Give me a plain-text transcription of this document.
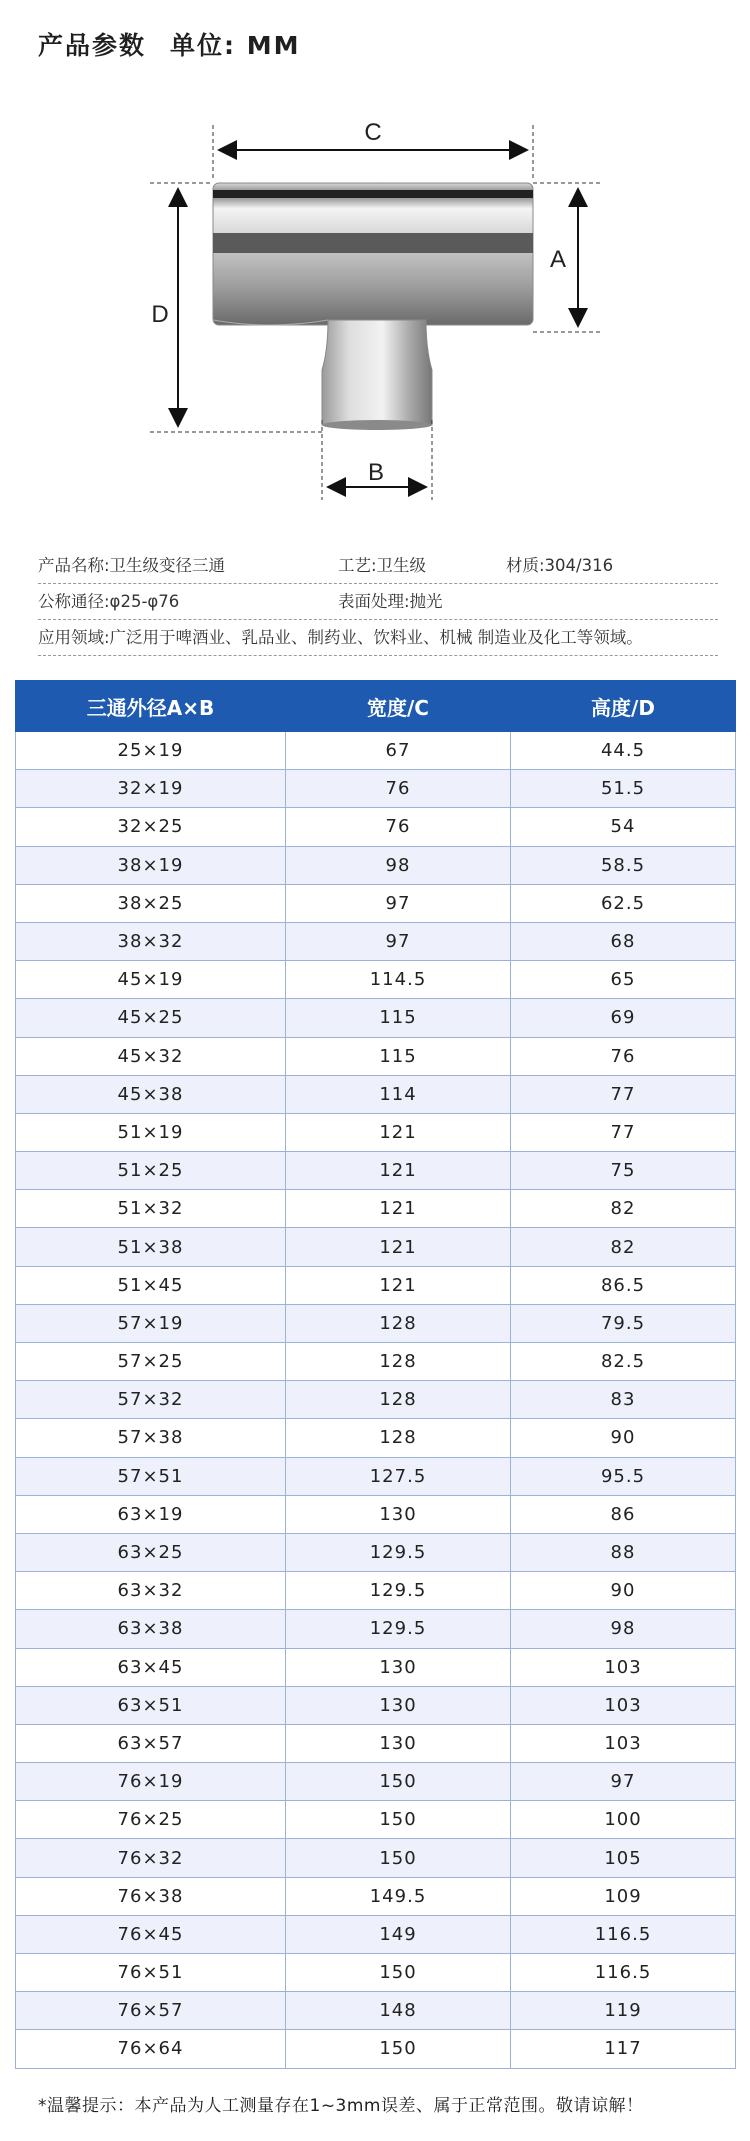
产品参数 单位: MM
C
D
A
B
产品名称:卫生级变径三通	工艺:卫生级	材质:304/316
公称通径:φ25-φ76	表面处理:抛光
应用领域:广泛用于啤酒业、乳品业、制药业、饮料业、机械 制造业及化工等领域。
三通外径A×B	宽度/C	高度/D
25×19	67	44.5
32×19	76	51.5
32×25	76	54
38×19	98	58.5
38×25	97	62.5
38×32	97	68
45×19	114.5	65
45×25	115	69
45×32	115	76
45×38	114	77
51×19	121	77
51×25	121	75
51×32	121	82
51×38	121	82
51×45	121	86.5
57×19	128	79.5
57×25	128	82.5
57×32	128	83
57×38	128	90
57×51	127.5	95.5
63×19	130	86
63×25	129.5	88
63×32	129.5	90
63×38	129.5	98
63×45	130	103
63×51	130	103
63×57	130	103
76×19	150	97
76×25	150	100
76×32	150	105
76×38	149.5	109
76×45	149	116.5
76×51	150	116.5
76×57	148	119
76×64	150	117
*温馨提示：本产品为人工测量存在1~3mm误差、属于正常范围。敬请谅解！
